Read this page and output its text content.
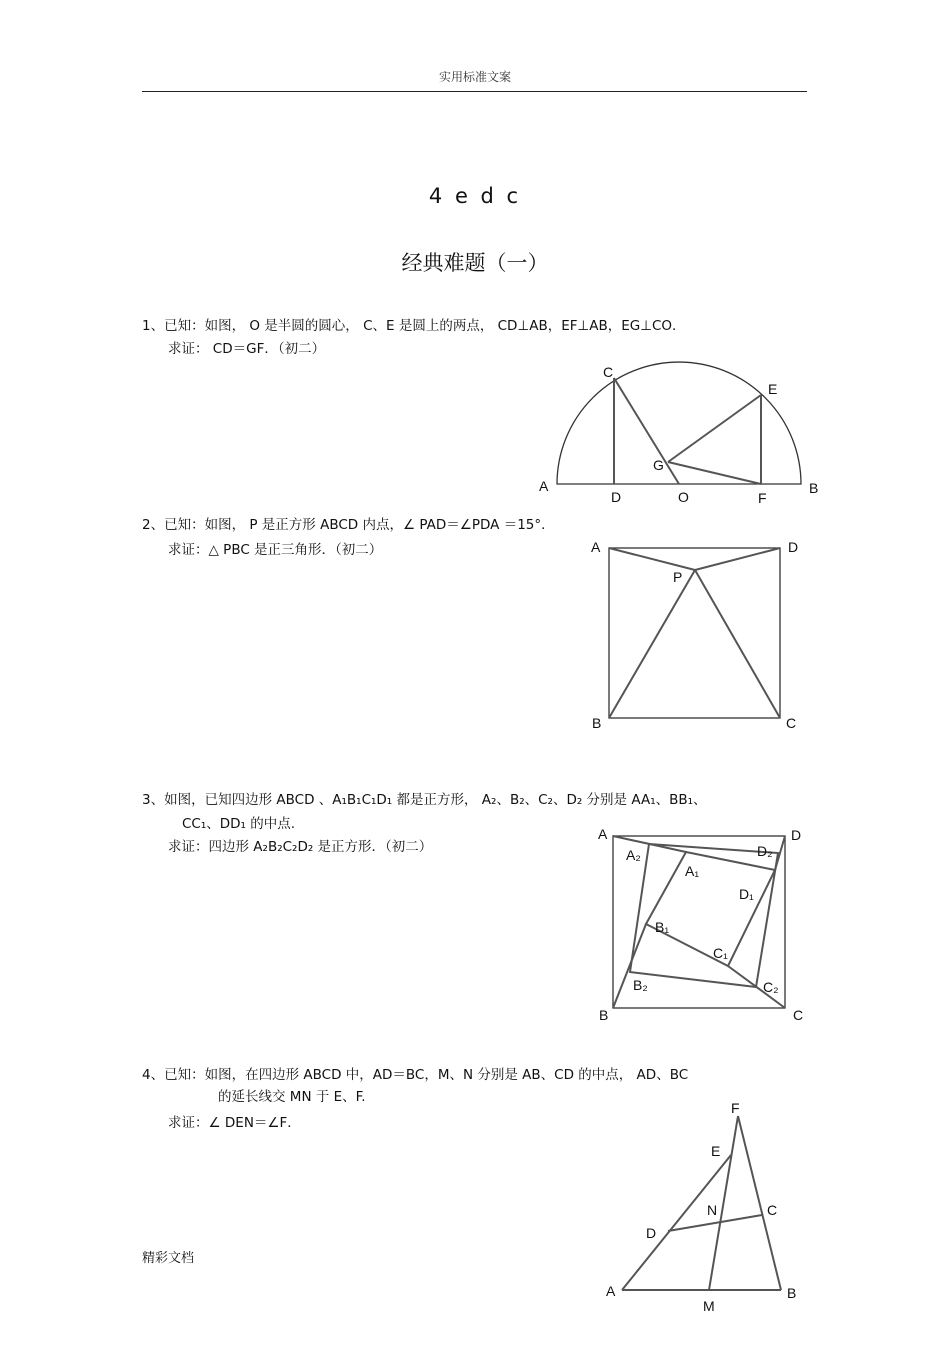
实用标准文案
4 e d c
经典难题（一）
1、已知：如图， O 是半圆的圆心， C、E 是圆上的两点， CD⊥AB，EF⊥AB，EG⊥CO．
求证： CD＝GF．（初二）
A	B
C
D
E
F
G
O
2、已知：如图， P 是正方形 ABCD 内点，∠ PAD＝∠PDA ＝15°．
求证：△ PBC 是正三角形．（初二）	A	D
B	C
P
3、如图，已知四边形 ABCD 、A₁B₁C₁D₁ 都是正方形， A₂、B₂、C₂、D₂ 分别是 AA₁、BB₁、
CC₁、DD₁ 的中点.
求证：四边形 A₂B₂C₂D₂ 是正方形．（初二）
A	D
B	C
A₂	D₂
A₁
D₁
B₁
C₁
B₂	C₂
4、已知：如图，在四边形 ABCD 中，AD＝BC，M、N 分别是 AB、CD 的中点， AD、BC
的延长线交 MN 于 E、F.
求证：∠ DEN＝∠F．
F
E
N	C
D
A	B
M
精彩文档
